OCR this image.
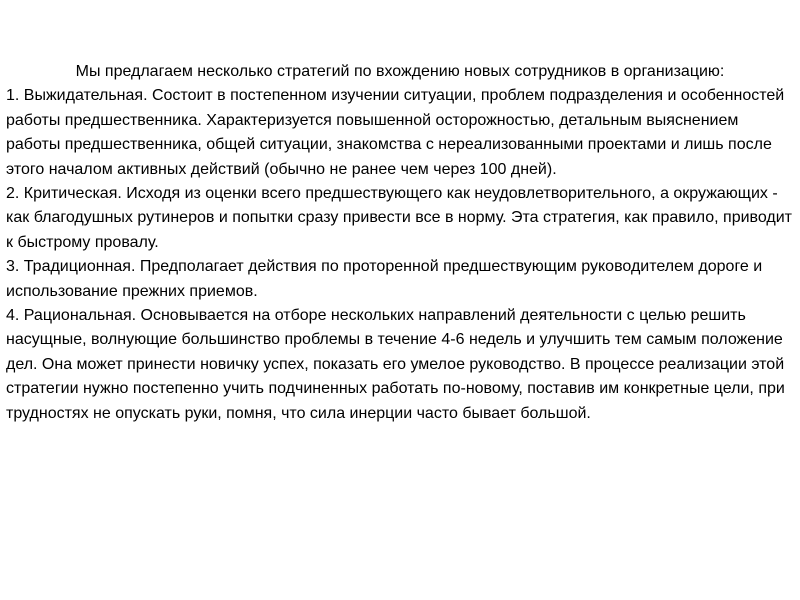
Мы предлагаем несколько стратегий по вхождению новых сотрудников в организацию:

1. Выжидательная. Состоит в постепенном изучении ситуации, проблем подразделения и особенностей работы предшественника. Характеризуется повышенной осторожностью, детальным выяснением работы предшественника, общей ситуации, знакомства с нереализованными проектами и лишь после этого началом активных действий (обычно не ранее чем через 100 дней).

2. Критическая. Исходя из оценки всего предшествующего как неудовлетворительного, а окружающих - как благодушных рутинеров и попытки сразу привести все в норму. Эта стратегия, как правило, приводит к быстрому провалу.

3. Традиционная. Предполагает действия по проторенной предшествующим руководителем дороге и использование прежних приемов.

4. Рациональная. Основывается на отборе нескольких направлений деятельности с целью решить насущные, волнующие большинство проблемы в течение 4-6 недель и улучшить тем самым положение дел. Она может принести новичку успех, показать его умелое руководство. В процессе реализации этой стратегии нужно постепенно учить подчиненных работать по-новому, поставив им конкретные цели, при трудностях не опускать руки, помня, что сила инерции часто бывает большой.
